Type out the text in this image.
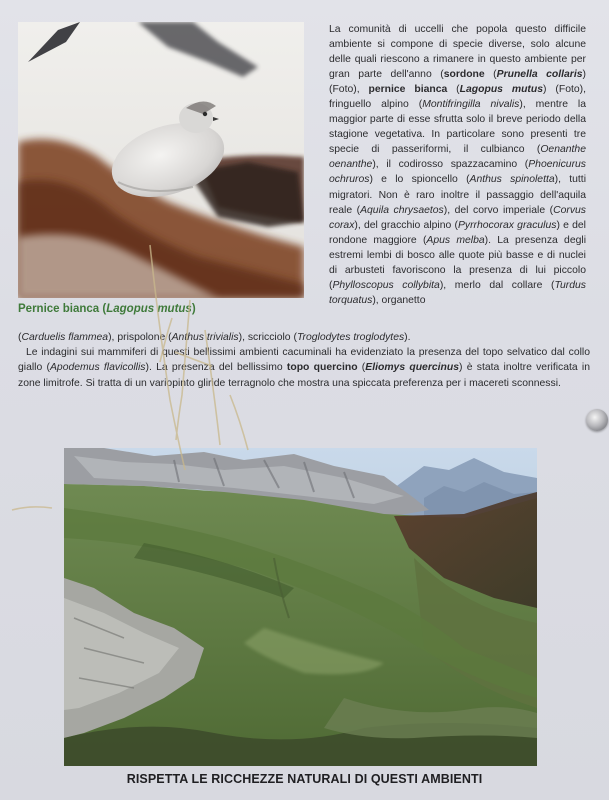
Pernice bianca (Lagopus mutus)

La comunità di uccelli che popola questo difficile ambiente si compone di specie diverse, solo alcune delle quali riescono a rimanere in questo ambiente per gran parte dell'anno (sordone (Prunella collaris) (Foto), pernice bianca (Lagopus mutus) (Foto), fringuello alpino (Montifringilla nivalis), mentre la maggior parte di esse sfrutta solo il breve periodo della stagione vegetativa. In particolare sono presenti tre specie di passeriformi, il culbianco (Oenanthe oenanthe), il codirosso spazzacamino (Phoenicurus ochruros) e lo spioncello (Anthus spinoletta), tutti migratori. Non è raro inoltre il passaggio dell'aquila reale (Aquila chrysaetos), del corvo imperiale (Corvus corax), del gracchio alpino (Pyrrhocorax graculus) e del rondone maggiore (Apus melba). La presenza degli estremi lembi di bosco alle quote più basse e di nuclei di arbusteti favoriscono la presenza di lui piccolo (Phylloscopus collybita), merlo dal collare (Turdus torquatus), organetto

(Carduelis flammea), prispolone (Anthus trivialis), scricciolo (Troglodytes troglodytes).

Le indagini sui mammiferi di questi bellissimi ambienti cacuminali ha evidenziato la presenza del topo selvatico dal collo giallo (Apodemus flavicollis). La presenza del bellissimo topo quercino (Eliomys quercinus) è stata inoltre verificata in zone limitrofe. Si tratta di un variopinto gliride terragnolo che mostra una spiccata preferenza per i macereti sconnessi.

RISPETTA LE RICCHEZZE NATURALI DI QUESTI AMBIENTI
